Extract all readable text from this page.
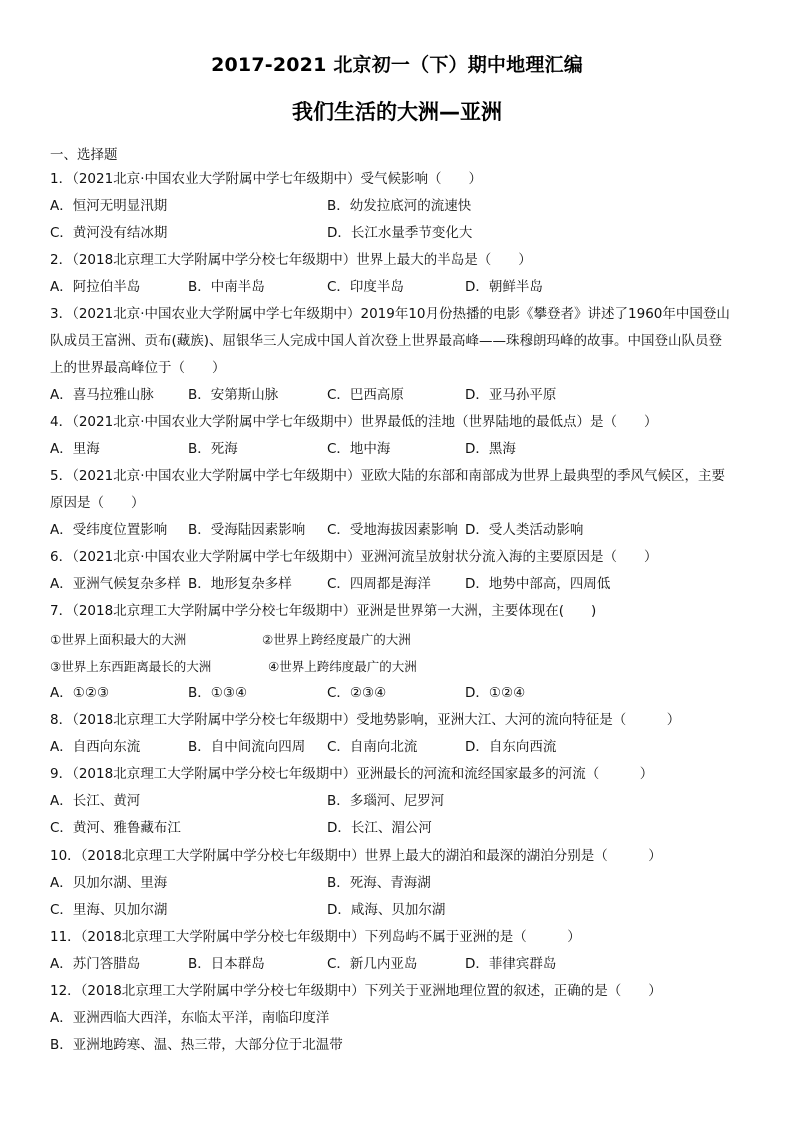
2017-2021 北京初一（下）期中地理汇编
我们生活的大洲—亚洲
一、选择题
1．（2021北京·中国农业大学附属中学七年级期中）受气候影响（　　）
A．恒河无明显汛期	B．幼发拉底河的流速快
C．黄河没有结冰期	D．长江水量季节变化大
2．（2018北京理工大学附属中学分校七年级期中）世界上最大的半岛是（　　）
A．阿拉伯半岛	B．中南半岛	C．印度半岛	D．朝鲜半岛
3．（2021北京·中国农业大学附属中学七年级期中）2019年10月份热播的电影《攀登者》讲述了1960年中国登山
队成员王富洲、贡布(藏族)、屈银华三人完成中国人首次登上世界最高峰——珠穆朗玛峰的故事。中国登山队员登
上的世界最高峰位于（　　）
A．喜马拉雅山脉	B．安第斯山脉	C．巴西高原	D．亚马孙平原
4．（2021北京·中国农业大学附属中学七年级期中）世界最低的洼地（世界陆地的最低点）是（　　）
A．里海	B．死海	C．地中海	D．黑海
5．（2021北京·中国农业大学附属中学七年级期中）亚欧大陆的东部和南部成为世界上最典型的季风气候区，主要
原因是（　　）
A．受纬度位置影响 B．受海陆因素影响 C．受地海拔因素影响 D．受人类活动影响
6．（2021北京·中国农业大学附属中学七年级期中）亚洲河流呈放射状分流入海的主要原因是（　　）
A．亚洲气候复杂多样 B．地形复杂多样	C．四周都是海洋	D．地势中部高，四周低
7．（2018北京理工大学附属中学分校七年级期中）亚洲是世界第一大洲，主要体现在(　　)
①世界上面积最大的大洲	②世界上跨经度最广的大洲
③世界上东西距离最长的大洲	④世界上跨纬度最广的大洲
A．①②③	B．①③④	C．②③④	D．①②④
8．（2018北京理工大学附属中学分校七年级期中）受地势影响，亚洲大江、大河的流向特征是（　　　）
A．自西向东流	B．自中间流向四周 C．自南向北流	D．自东向西流
9．（2018北京理工大学附属中学分校七年级期中）亚洲最长的河流和流经国家最多的河流（　　　）
A．长江、黄河	B．多瑙河、尼罗河
C．黄河、雅鲁藏布江	D．长江、湄公河
10．（2018北京理工大学附属中学分校七年级期中）世界上最大的湖泊和最深的湖泊分别是（　　　）
A．贝加尔湖、里海	B．死海、青海湖
C．里海、贝加尔湖	D．咸海、贝加尔湖
11．（2018北京理工大学附属中学分校七年级期中）下列岛屿不属于亚洲的是（　　　）
A．苏门答腊岛	B．日本群岛	C．新几内亚岛	D．菲律宾群岛
12．（2018北京理工大学附属中学分校七年级期中）下列关于亚洲地理位置的叙述，正确的是（　　）
A．亚洲西临大西洋，东临太平洋，南临印度洋
B．亚洲地跨寒、温、热三带，大部分位于北温带
